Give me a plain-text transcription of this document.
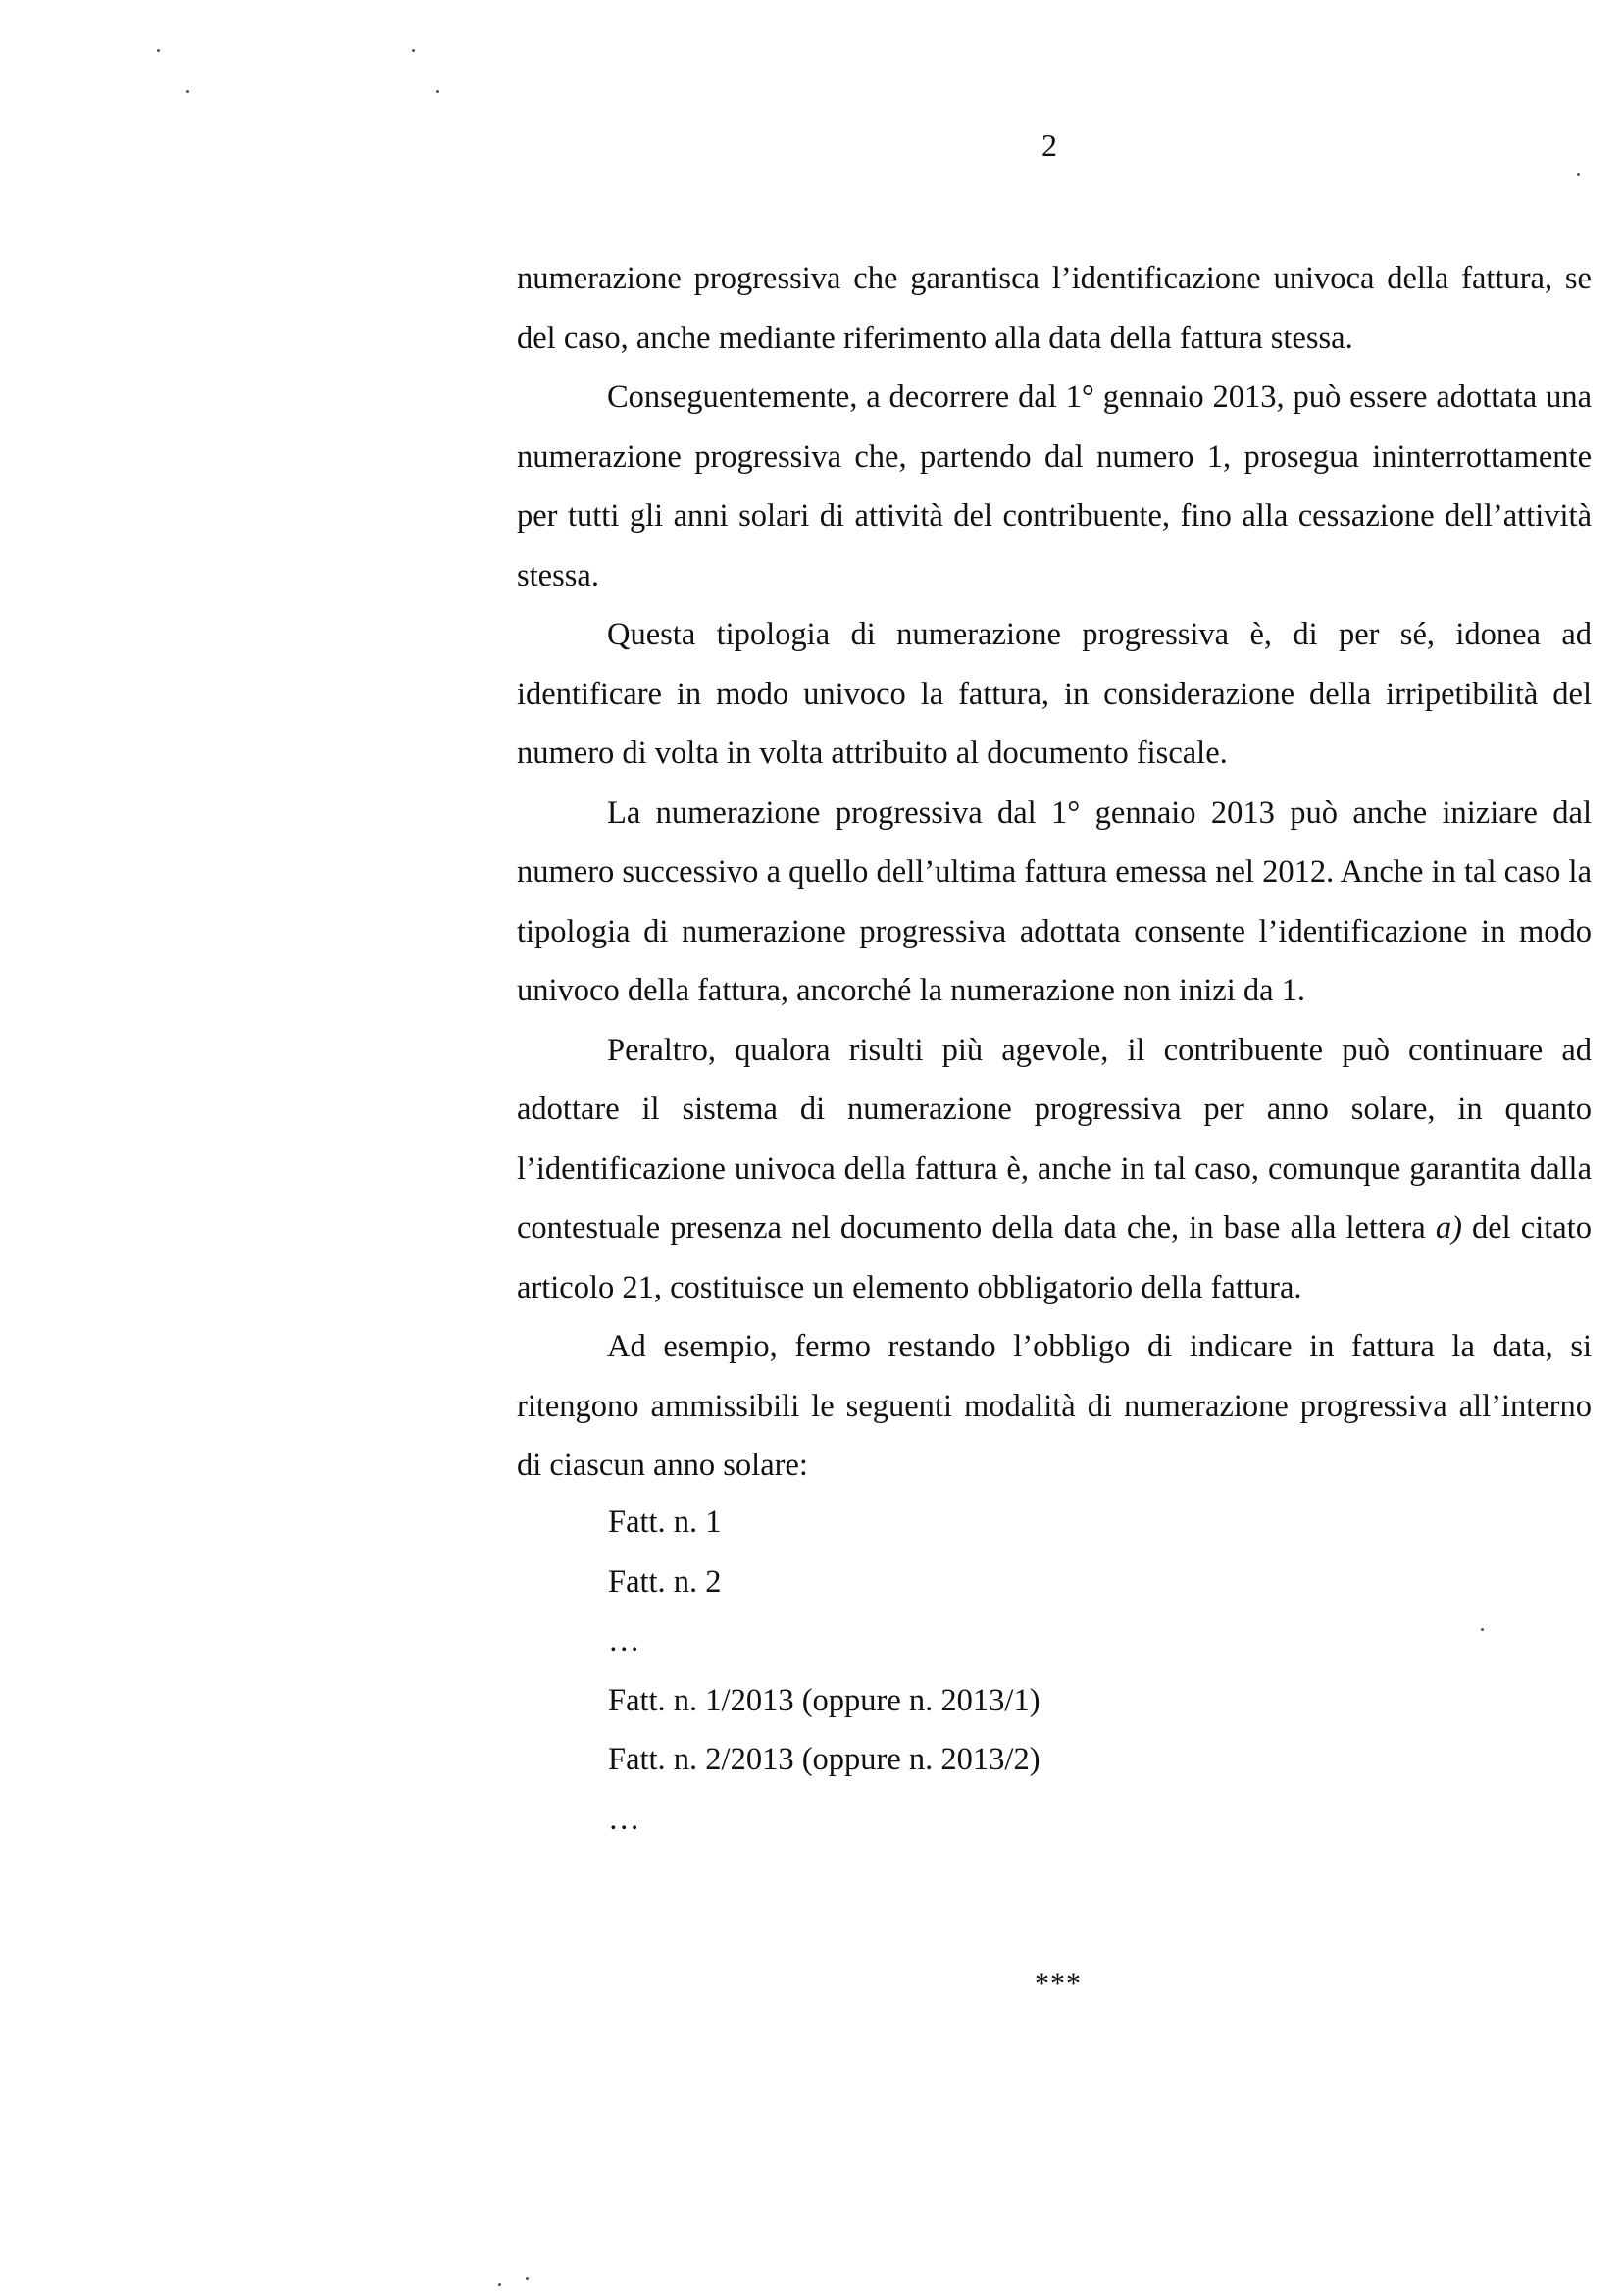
2

numerazione progressiva che garantisca l’identificazione univoca della fattura, se del caso, anche mediante riferimento alla data della fattura stessa.

Conseguentemente, a decorrere dal 1° gennaio 2013, può essere adottata una numerazione progressiva che, partendo dal numero 1, prosegua ininterrottamente per tutti gli anni solari di attività del contribuente, fino alla cessazione dell’attività stessa.

Questa tipologia di numerazione progressiva è, di per sé, idonea ad identificare in modo univoco la fattura, in considerazione della irripetibilità del numero di volta in volta attribuito al documento fiscale.

La numerazione progressiva dal 1° gennaio 2013 può anche iniziare dal numero successivo a quello dell’ultima fattura emessa nel 2012. Anche in tal caso la tipologia di numerazione progressiva adottata consente l’identificazione in modo univoco della fattura, ancorché la numerazione non inizi da 1.

Peraltro, qualora risulti più agevole, il contribuente può continuare ad adottare il sistema di numerazione progressiva per anno solare, in quanto l’identificazione univoca della fattura è, anche in tal caso, comunque garantita dalla contestuale presenza nel documento della data che, in base alla lettera a) del citato articolo 21, costituisce un elemento obbligatorio della fattura.

Ad esempio, fermo restando l’obbligo di indicare in fattura la data, si ritengono ammissibili le seguenti modalità di numerazione progressiva all’interno di ciascun anno solare:

Fatt. n. 1
Fatt. n. 2
…
Fatt. n. 1/2013 (oppure n. 2013/1)
Fatt. n. 2/2013 (oppure n. 2013/2)
…
***
